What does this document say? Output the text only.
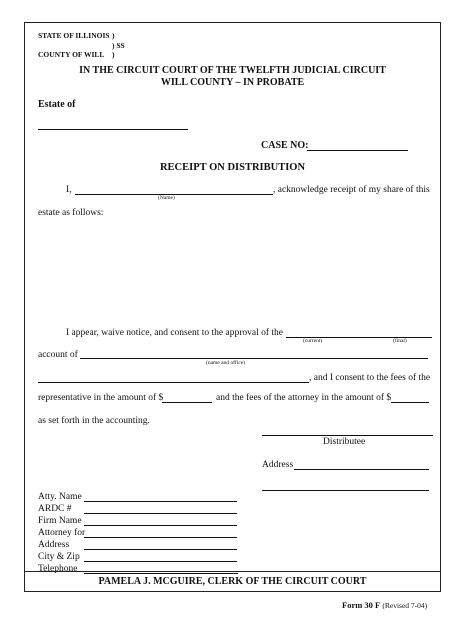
STATE OF ILLINOIS )
) SS
COUNTY OF WILL )
IN THE CIRCUIT COURT OF THE TWELFTH JUDICIAL CIRCUIT
WILL COUNTY – IN PROBATE
Estate of
CASE NO:
RECEIPT ON DISTRIBUTION
I,	, acknowledge receipt of my share of this
(Name)
estate as follows:
I appear, waive notice, and consent to the approval of the
(current)	(final)
account of
(name and office)
, and I consent to the fees of the
representative in the amount of $	and the fees of the attorney in the amount of $
as set forth in the accounting.
Distributee
Address
Atty. Name
ARDC #
Firm Name
Attorney for
Address
City & Zip
Telephone
PAMELA J. MCGUIRE, CLERK OF THE CIRCUIT COURT
Form 30 F (Revised 7-04)
